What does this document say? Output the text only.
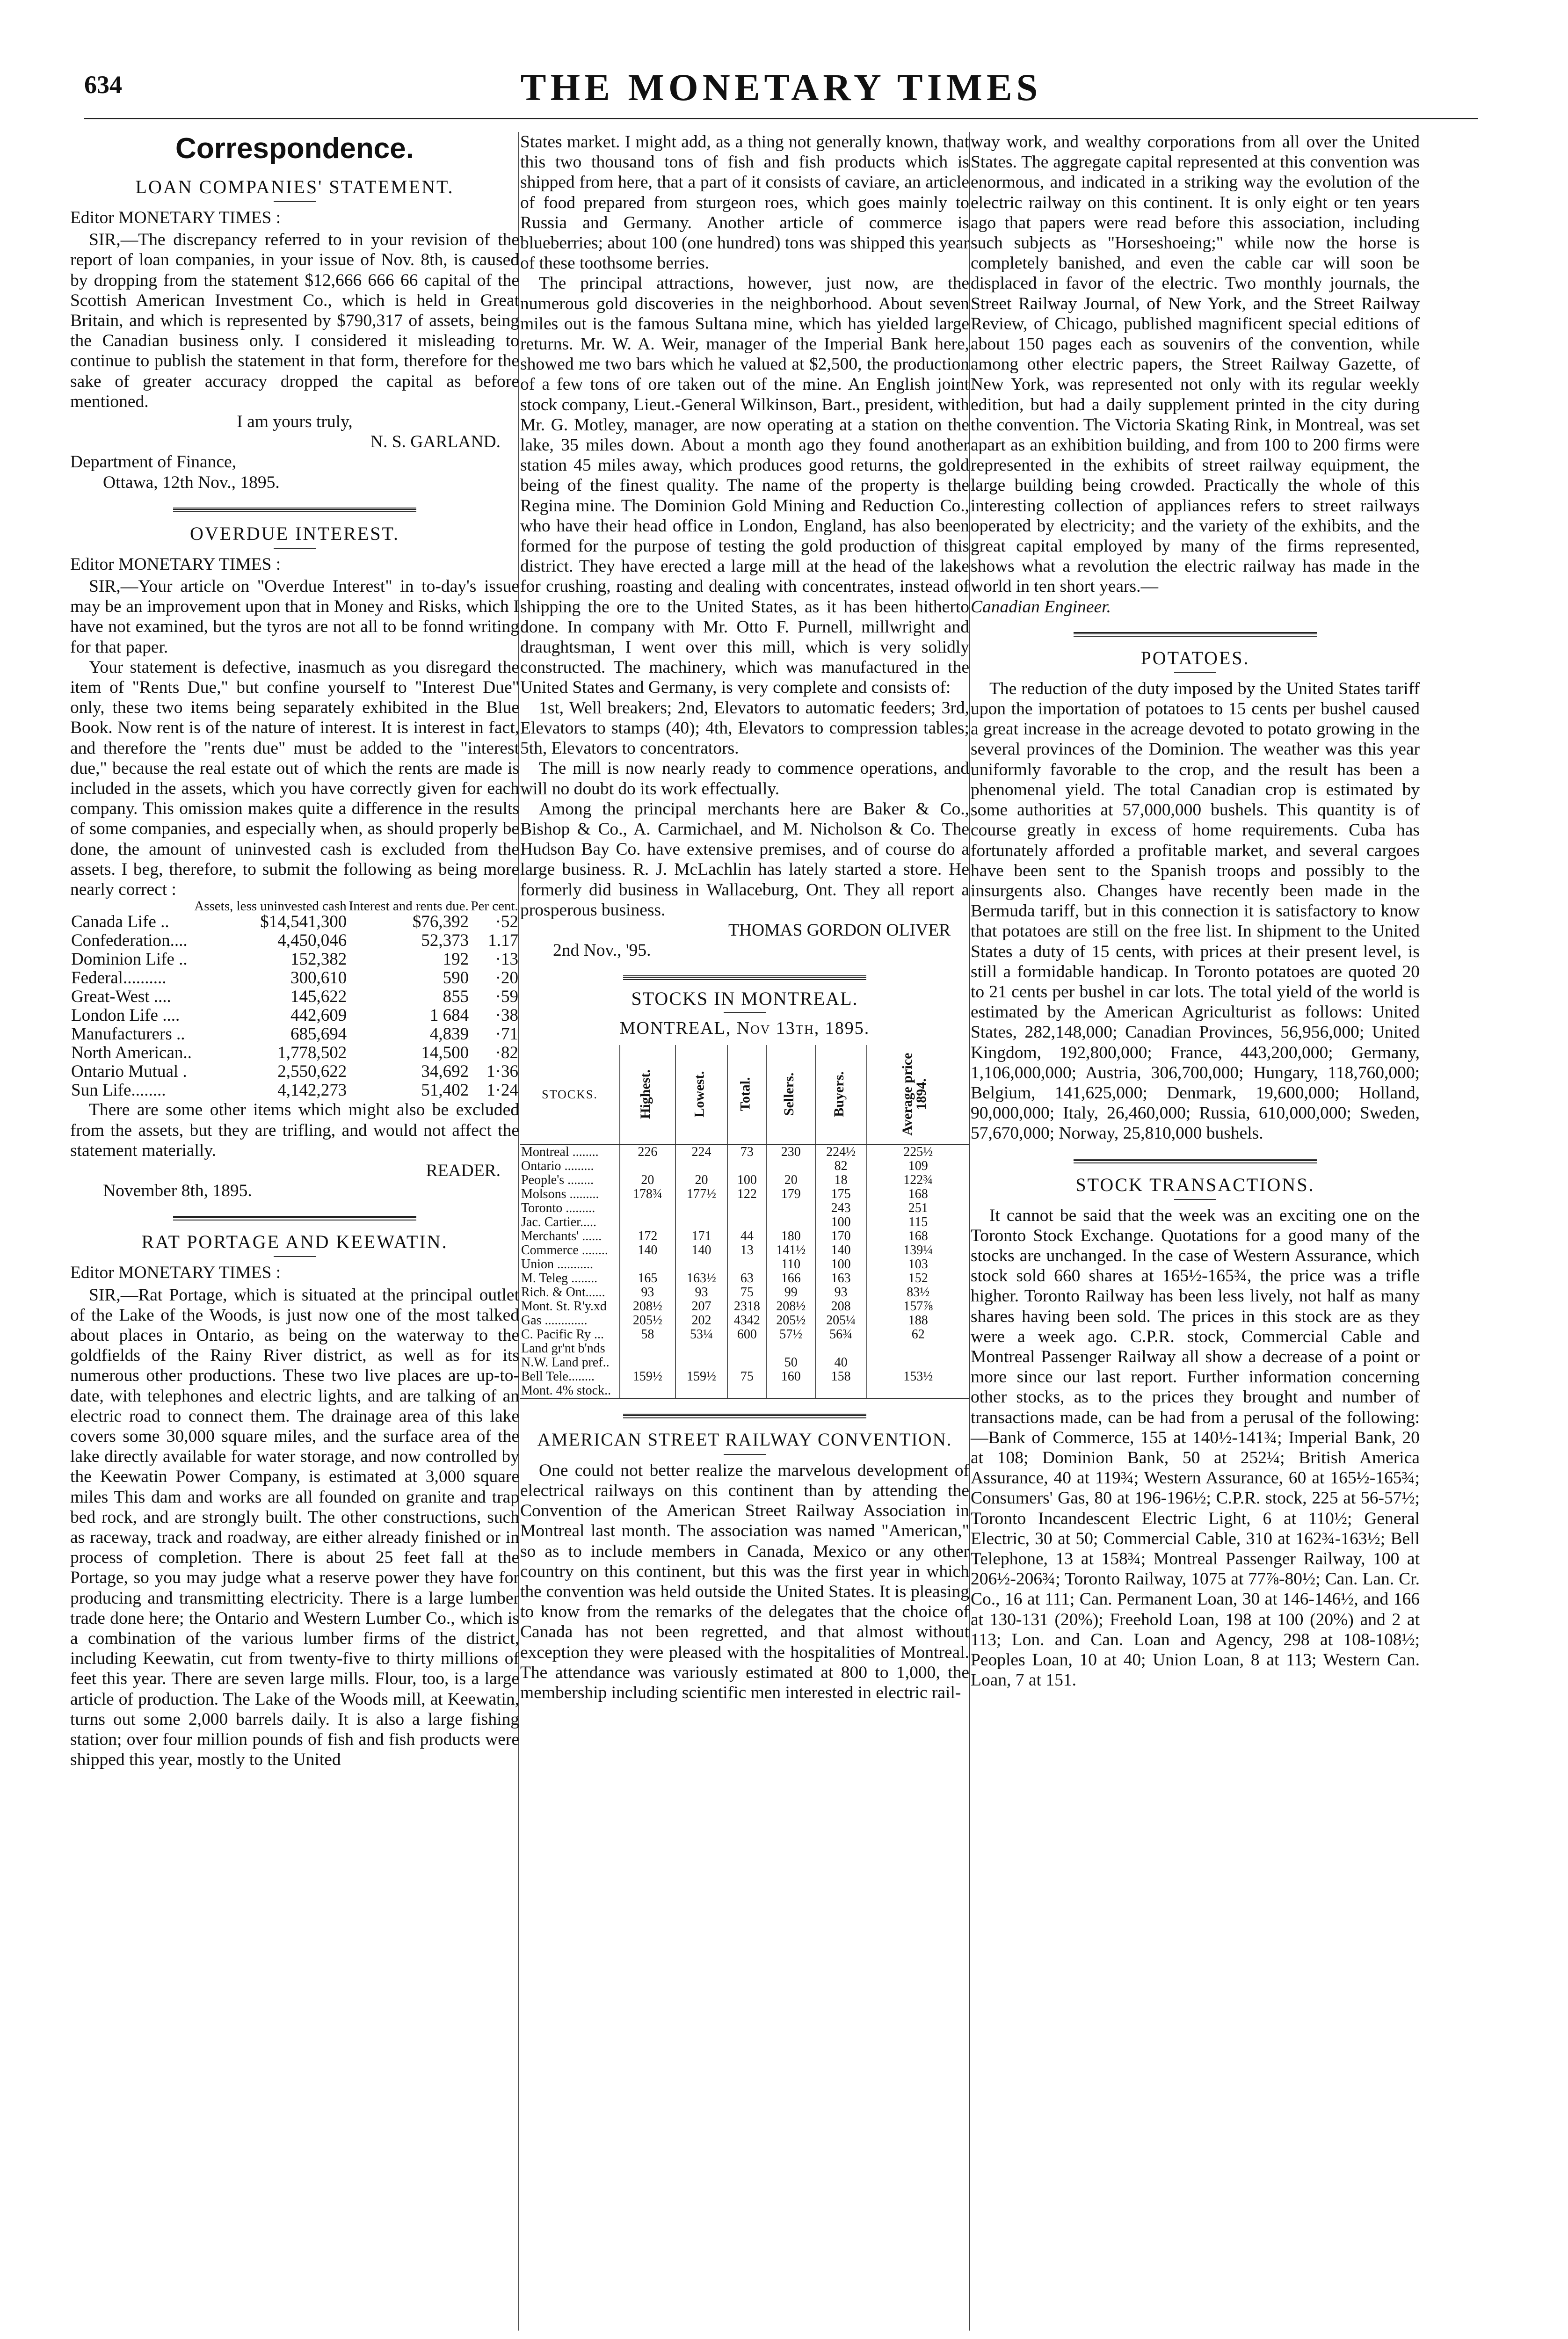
634	THE MONETARY TIMES
Correspondence.
LOAN COMPANIES' STATEMENT.

Editor MONETARY TIMES :

SIR,—The discrepancy referred to in your revision of the report of loan companies, in your issue of Nov. 8th, is caused by dropping from the statement $12,666 666 66 capital of the Scottish American Investment Co., which is held in Great Britain, and which is represented by $790,317 of assets, being the Canadian business only. I considered it misleading to continue to publish the statement in that form, therefore for the sake of greater accuracy dropped the capital as before mentioned.

I am yours truly,

N. S. GARLAND.

Department of Finance,

Ottawa, 12th Nov., 1895.

OVERDUE INTEREST.

Editor MONETARY TIMES :

SIR,—Your article on "Overdue Interest" in to-day's issue may be an improvement upon that in Money and Risks, which I have not examined, but the tyros are not all to be fonnd writing for that paper.

Your statement is defective, inasmuch as you disregard the item of "Rents Due," but confine yourself to "Interest Due" only, these two items being separately exhibited in the Blue Book. Now rent is of the nature of interest. It is interest in fact, and therefore the "rents due" must be added to the "interest due," because the real estate out of which the rents are made is included in the assets, which you have correctly given for each company. This omission makes quite a difference in the results of some companies, and especially when, as should properly be done, the amount of uninvested cash is excluded from the assets. I beg, therefore, to submit the following as being more nearly correct :

	Assets, less uninvested cash	Interest and rents due.	Per cent.
Canada Life ..	$14,541,300	$76,392	·52
Confederation....	4,450,046	52,373	1.17
Dominion Life ..	152,382	192	·13
Federal..........	300,610	590	·20
Great-West ....	145,622	855	·59
London Life ....	442,609	1 684	·38
Manufacturers ..	685,694	4,839	·71
North American..	1,778,502	14,500	·82
Ontario Mutual .	2,550,622	34,692	1·36
Sun Life........	4,142,273	51,402	1·24

There are some other items which might also be excluded from the assets, but they are trifling, and would not affect the statement materially.

READER.

November 8th, 1895.

RAT PORTAGE AND KEEWATIN.

Editor MONETARY TIMES :

SIR,—Rat Portage, which is situated at the principal outlet of the Lake of the Woods, is just now one of the most talked about places in Ontario, as being on the waterway to the goldfields of the Rainy River district, as well as for its numerous other productions. These two live places are up-to-date, with telephones and electric lights, and are talking of an electric road to connect them. The drainage area of this lake covers some 30,000 square miles, and the surface area of the lake directly available for water storage, and now controlled by the Keewatin Power Company, is estimated at 3,000 square miles This dam and works are all founded on granite and trap bed rock, and are strongly built. The other constructions, such as raceway, track and roadway, are either already finished or in process of completion. There is about 25 feet fall at the Portage, so you may judge what a reserve power they have for producing and transmitting electricity. There is a large lumber trade done here; the Ontario and Western Lumber Co., which is a combination of the various lumber firms of the district, including Keewatin, cut from twenty-five to thirty millions of feet this year. There are seven large mills. Flour, too, is a large article of production. The Lake of the Woods mill, at Keewatin, turns out some 2,000 barrels daily. It is also a large fishing station; over four million pounds of fish and fish products were shipped this year, mostly to the United

States market. I might add, as a thing not generally known, that this two thousand tons of fish and fish products which is shipped from here, that a part of it consists of caviare, an article of food prepared from sturgeon roes, which goes mainly to Russia and Germany. Another article of commerce is blueberries; about 100 (one hundred) tons was shipped this year of these toothsome berries.

The principal attractions, however, just now, are the numerous gold discoveries in the neighborhood. About seven miles out is the famous Sultana mine, which has yielded large returns. Mr. W. A. Weir, manager of the Imperial Bank here, showed me two bars which he valued at $2,500, the production of a few tons of ore taken out of the mine. An English joint stock company, Lieut.-General Wilkinson, Bart., president, with Mr. G. Motley, manager, are now operating at a station on the lake, 35 miles down. About a month ago they found another station 45 miles away, which produces good returns, the gold being of the finest quality. The name of the property is the Regina mine. The Dominion Gold Mining and Reduction Co., who have their head office in London, England, has also been formed for the purpose of testing the gold production of this district. They have erected a large mill at the head of the lake for crushing, roasting and dealing with concentrates, instead of shipping the ore to the United States, as it has been hitherto done. In company with Mr. Otto F. Purnell, millwright and draughtsman, I went over this mill, which is very solidly constructed. The machinery, which was manufactured in the United States and Germany, is very complete and consists of:

1st, Well breakers; 2nd, Elevators to automatic feeders; 3rd, Elevators to stamps (40); 4th, Elevators to compression tables; 5th, Elevators to concentrators.

The mill is now nearly ready to commence operations, and will no doubt do its work effectually.

Among the principal merchants here are Baker & Co., Bishop & Co., A. Carmichael, and M. Nicholson & Co. The Hudson Bay Co. have extensive premises, and of course do a large business. R. J. McLachlin has lately started a store. He formerly did business in Wallaceburg, Ont. They all report a prosperous business.

THOMAS GORDON OLIVER

2nd Nov., '95.

STOCKS IN MONTREAL.
MONTREAL, Nov 13th, 1895.
STOCKS.	Highest.	Lowest.	Total.	Sellers.	Buyers.	Average price 1894.
Montreal ........	226	224	73	230	224½	225½
Ontario .........					82	109
People's ........	20	20	100	20	18	122¾
Molsons .........	178¾	177½	122	179	175	168
Toronto .........					243	251
Jac. Cartier.....					100	115
Merchants' ......	172	171	44	180	170	168
Commerce ........	140	140	13	141½	140	139¼
Union ...........				110	100	103
M. Teleg ........	165	163½	63	166	163	152
Rich. & Ont......	93	93	75	99	93	83½
Mont. St. R'y.xd	208½	207	2318	208½	208	157⅞
Gas .............	205½	202	4342	205½	205¼	188
C. Pacific Ry ...	58	53¼	600	57½	56¾	62
Land gr'nt b'nds						
N.W. Land pref..				50	40	
Bell Tele........	159½	159½	75	160	158	153½
Mont. 4% stock..						
AMERICAN STREET RAILWAY CONVENTION.

One could not better realize the marvelous development of electrical railways on this continent than by attending the Convention of the American Street Railway Association in Montreal last month. The association was named "American," so as to include members in Canada, Mexico or any other country on this continent, but this was the first year in which the convention was held outside the United States. It is pleasing to know from the remarks of the delegates that the choice of Canada has not been regretted, and that almost without exception they were pleased with the hospitalities of Montreal. The attendance was variously estimated at 800 to 1,000, the membership including scientific men interested in electric rail-

way work, and wealthy corporations from all over the United States. The aggregate capital represented at this convention was enormous, and indicated in a striking way the evolution of the electric railway on this continent. It is only eight or ten years ago that papers were read before this association, including such subjects as "Horseshoeing;" while now the horse is completely banished, and even the cable car will soon be displaced in favor of the electric. Two monthly journals, the Street Railway Journal, of New York, and the Street Railway Review, of Chicago, published magnificent special editions of about 150 pages each as souvenirs of the convention, while among other electric papers, the Street Railway Gazette, of New York, was represented not only with its regular weekly edition, but had a daily supplement printed in the city during the convention. The Victoria Skating Rink, in Montreal, was set apart as an exhibition building, and from 100 to 200 firms were represented in the exhibits of street railway equipment, the large building being crowded. Practically the whole of this interesting collection of appliances refers to street railways operated by electricity; and the variety of the exhibits, and the great capital employed by many of the firms represented, shows what a revolution the electric railway has made in the world in ten short years.—

Canadian Engineer.

POTATOES.

The reduction of the duty imposed by the United States tariff upon the importation of potatoes to 15 cents per bushel caused a great increase in the acreage devoted to potato growing in the several provinces of the Dominion. The weather was this year uniformly favorable to the crop, and the result has been a phenomenal yield. The total Canadian crop is estimated by some authorities at 57,000,000 bushels. This quantity is of course greatly in excess of home requirements. Cuba has fortunately afforded a profitable market, and several cargoes have been sent to the Spanish troops and possibly to the insurgents also. Changes have recently been made in the Bermuda tariff, but in this connection it is satisfactory to know that potatoes are still on the free list. In shipment to the United States a duty of 15 cents, with prices at their present level, is still a formidable handicap. In Toronto potatoes are quoted 20 to 21 cents per bushel in car lots. The total yield of the world is estimated by the American Agriculturist as follows: United States, 282,148,000; Canadian Provinces, 56,956,000; United Kingdom, 192,800,000; France, 443,200,000; Germany, 1,106,000,000; Austria, 306,700,000; Hungary, 118,760,000; Belgium, 141,625,000; Denmark, 19,600,000; Holland, 90,000,000; Italy, 26,460,000; Russia, 610,000,000; Sweden, 57,670,000; Norway, 25,810,000 bushels.

STOCK TRANSACTIONS.

It cannot be said that the week was an exciting one on the Toronto Stock Exchange. Quotations for a good many of the stocks are unchanged. In the case of Western Assurance, which stock sold 660 shares at 165½-165¾, the price was a trifle higher. Toronto Railway has been less lively, not half as many shares having been sold. The prices in this stock are as they were a week ago. C.P.R. stock, Commercial Cable and Montreal Passenger Railway all show a decrease of a point or more since our last report. Further information concerning other stocks, as to the prices they brought and number of transactions made, can be had from a perusal of the following:—Bank of Commerce, 155 at 140½-141¾; Imperial Bank, 20 at 108; Dominion Bank, 50 at 252¼; British America Assurance, 40 at 119¾; Western Assurance, 60 at 165½-165¾; Consumers' Gas, 80 at 196-196½; C.P.R. stock, 225 at 56-57½; Toronto Incandescent Electric Light, 6 at 110½; General Electric, 30 at 50; Commercial Cable, 310 at 162¾-163½; Bell Telephone, 13 at 158¾; Montreal Passenger Railway, 100 at 206½-206¾; Toronto Railway, 1075 at 77⅞-80½; Can. Lan. Cr. Co., 16 at 111; Can. Permanent Loan, 30 at 146-146½, and 166 at 130-131 (20%); Freehold Loan, 198 at 100 (20%) and 2 at 113; Lon. and Can. Loan and Agency, 298 at 108-108½; Peoples Loan, 10 at 40; Union Loan, 8 at 113; Western Can. Loan, 7 at 151.
